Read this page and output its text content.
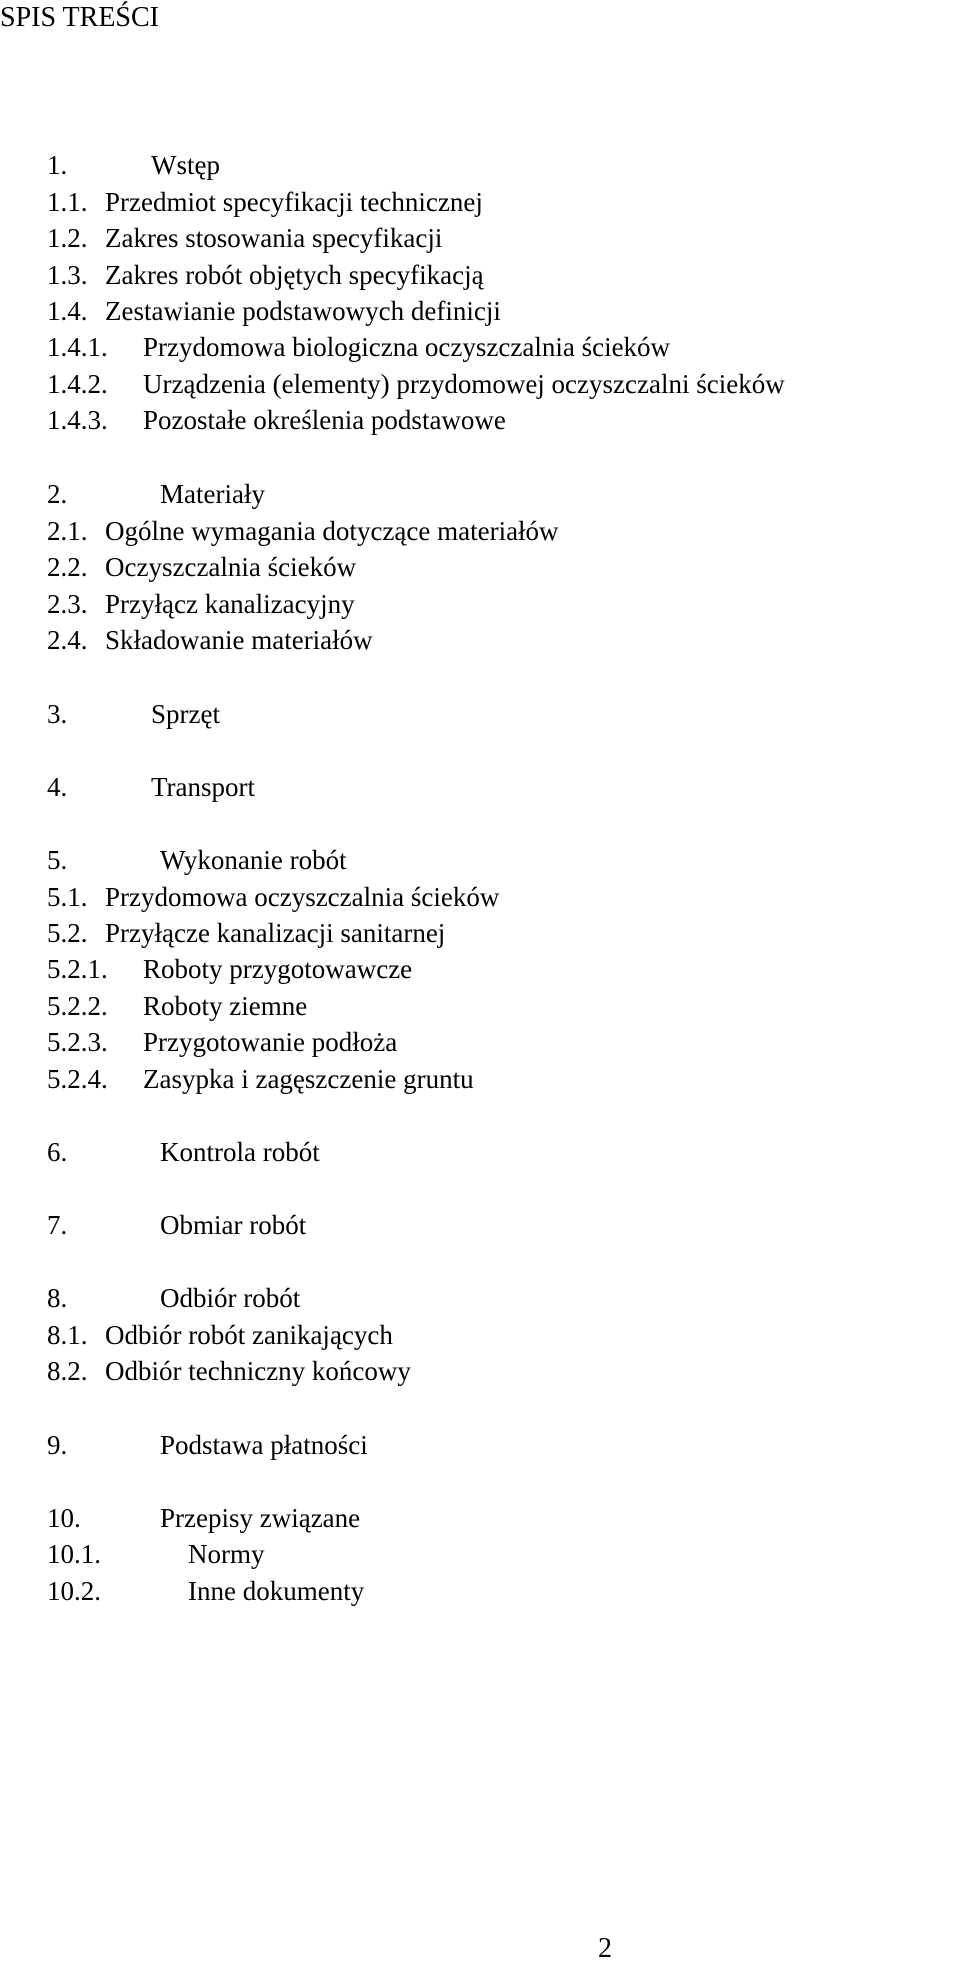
SPIS TREŚCI
1.	Wstęp
1.1. Przedmiot specyfikacji technicznej
1.2. Zakres stosowania specyfikacji
1.3. Zakres robót objętych specyfikacją
1.4. Zestawianie podstawowych definicji
1.4.1. Przydomowa biologiczna oczyszczalnia ścieków
1.4.2. Urządzenia (elementy) przydomowej oczyszczalni ścieków
1.4.3. Pozostałe określenia podstawowe
2.	Materiały
2.1. Ogólne wymagania dotyczące materiałów
2.2. Oczyszczalnia ścieków
2.3. Przyłącz kanalizacyjny
2.4. Składowanie materiałów
3.	Sprzęt
4.	Transport
5.	Wykonanie robót
5.1. Przydomowa oczyszczalnia ścieków
5.2. Przyłącze kanalizacji sanitarnej
5.2.1. Roboty przygotowawcze
5.2.2. Roboty ziemne
5.2.3. Przygotowanie podłoża
5.2.4. Zasypka i zagęszczenie gruntu
6.	Kontrola robót
7.	Obmiar robót
8.	Odbiór robót
8.1. Odbiór robót zanikających
8.2. Odbiór techniczny końcowy
9.	Podstawa płatności
10.	Przepisy związane
10.1.	Normy
10.2.	Inne dokumenty
2
